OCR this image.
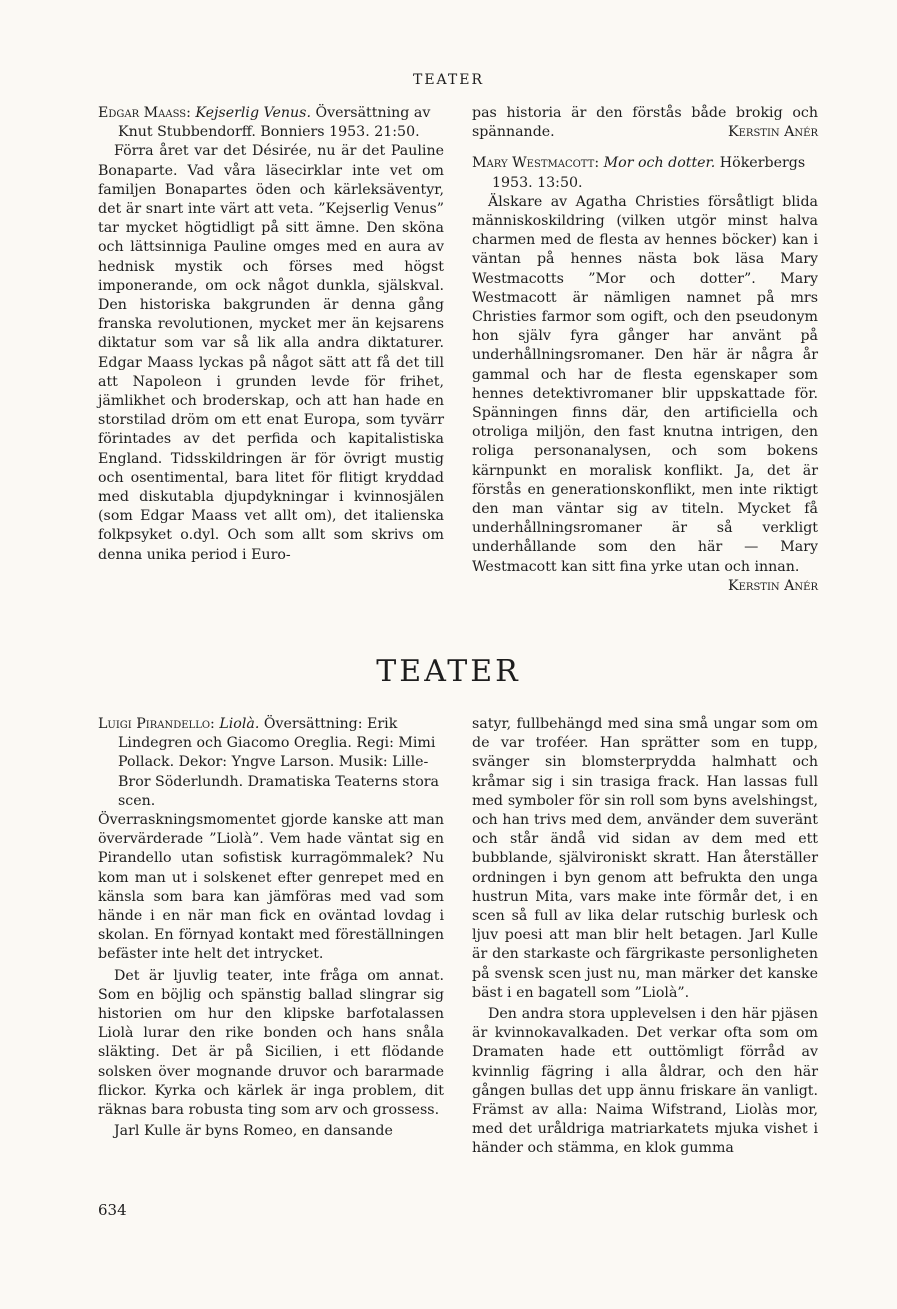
TEATER

Edgar Maass: Kejserlig Venus. Översättning av Knut Stubbendorff. Bonniers 1953. 21:50.

Förra året var det Désirée, nu är det Pauline Bonaparte. Vad våra läsecirklar inte vet om familjen Bonapartes öden och kärleksäventyr, det är snart inte värt att veta. ”Kejserlig Venus” tar mycket högtidligt på sitt ämne. Den sköna och lättsinniga Pauline omges med en aura av hednisk mystik och förses med högst imponerande, om ock något dunkla, själskval. Den historiska bakgrunden är denna gång franska revolutionen, mycket mer än kejsarens diktatur som var så lik alla andra diktaturer. Edgar Maass lyckas på något sätt att få det till att Napoleon i grunden levde för frihet, jämlikhet och broderskap, och att han hade en storstilad dröm om ett enat Europa, som tyvärr förintades av det perfida och kapitalistiska England. Tidsskildringen är för övrigt mustig och osentimental, bara litet för flitigt kryddad med diskutabla djupdykningar i kvinnosjälen (som Edgar Maass vet allt om), det italienska folkpsyket o.dyl. Och som allt som skrivs om denna unika period i Euro-

pas historia är den förstås både brokig och spännande.	Kerstin Anér

Mary Westmacott: Mor och dotter. Hökerbergs 1953. 13:50.

Älskare av Agatha Christies försåtligt blida människoskildring (vilken utgör minst halva charmen med de flesta av hennes böcker) kan i väntan på hennes nästa bok läsa Mary Westmacotts ”Mor och dotter”. Mary Westmacott är nämligen namnet på mrs Christies farmor som ogift, och den pseudonym hon själv fyra gånger har använt på underhållningsromaner. Den här är några år gammal och har de flesta egenskaper som hennes detektivromaner blir uppskattade för. Spänningen finns där, den artificiella och otroliga miljön, den fast knutna intrigen, den roliga personanalysen, och som bokens kärnpunkt en moralisk konflikt. Ja, det är förstås en generationskonflikt, men inte riktigt den man väntar sig av titeln. Mycket få underhållningsromaner är så verkligt underhållande som den här — Mary Westmacott kan sitt fina yrke utan och innan.

Kerstin Anér

TEATER

Luigi Pirandello: Liolà. Översättning: Erik Lindegren och Giacomo Oreglia. Regi: Mimi Pollack. Dekor: Yngve Larson. Musik: Lille-Bror Söderlundh. Dramatiska Teaterns stora scen.

Överraskningsmomentet gjorde kanske att man övervärderade ”Liolà”. Vem hade väntat sig en Pirandello utan sofistisk kurragömmalek? Nu kom man ut i solskenet efter genrepet med en känsla som bara kan jämföras med vad som hände i en när man fick en oväntad lovdag i skolan. En förnyad kontakt med föreställningen befäster inte helt det intrycket.

Det är ljuvlig teater, inte fråga om annat. Som en böjlig och spänstig ballad slingrar sig historien om hur den klipske barfotalassen Liolà lurar den rike bonden och hans snåla släkting. Det är på Sicilien, i ett flödande solsken över mognande druvor och bararmade flickor. Kyrka och kärlek är inga problem, dit räknas bara robusta ting som arv och grossess.

Jarl Kulle är byns Romeo, en dansande

satyr, fullbehängd med sina små ungar som om de var troféer. Han sprätter som en tupp, svänger sin blomsterprydda halmhatt och kråmar sig i sin trasiga frack. Han lassas full med symboler för sin roll som byns avelshingst, och han trivs med dem, använder dem suveränt och står ändå vid sidan av dem med ett bubblande, självironiskt skratt. Han återställer ordningen i byn genom att befrukta den unga hustrun Mita, vars make inte förmår det, i en scen så full av lika delar rutschig burlesk och ljuv poesi att man blir helt betagen. Jarl Kulle är den starkaste och färgrikaste personligheten på svensk scen just nu, man märker det kanske bäst i en bagatell som ”Liolà”.

Den andra stora upplevelsen i den här pjäsen är kvinnokavalkaden. Det verkar ofta som om Dramaten hade ett outtömligt förråd av kvinnlig fägring i alla åldrar, och den här gången bullas det upp ännu friskare än vanligt. Främst av alla: Naima Wifstrand, Liolàs mor, med det uråldriga matriarkatets mjuka vishet i händer och stämma, en klok gumma

634
